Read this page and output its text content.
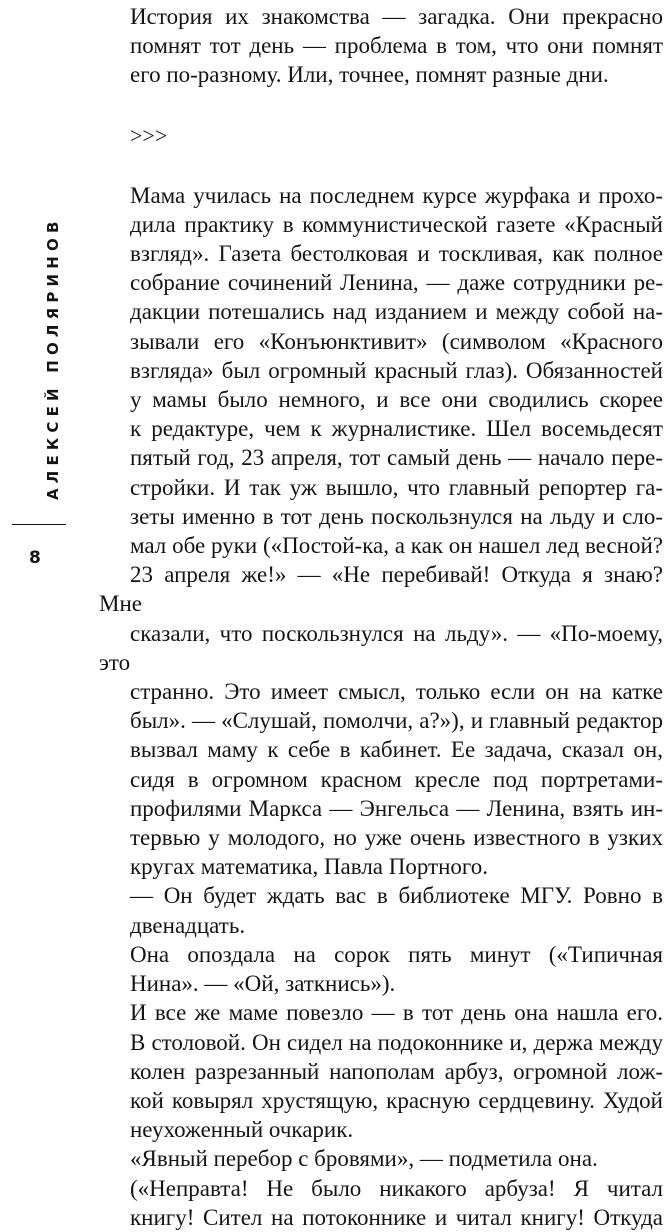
АЛЕКСЕЙ ПОЛЯРИНОВ
8

История их знакомства — загадка. Они прекрасно
помнят тот день — проблема в том, что они помнят
его по-разному. Или, точнее, помнят разные дни.

>>>

Мама училась на последнем курсе журфака и прохо-
дила практику в коммунистической газете «Красный
взгляд». Газета бестолковая и тоскливая, как полное
собрание сочинений Ленина, — даже сотрудники ре-
дакции потешались над изданием и между собой на-
зывали его «Конъюнктивит» (символом «Красного
взгляда» был огромный красный глаз). Обязанностей
у мамы было немного, и все они сводились скорее
к редактуре, чем к журналистике. Шел восемьдесят
пятый год, 23 апреля, тот самый день — начало пере-
стройки. И так уж вышло, что главный репортер га-
зеты именно в тот день поскользнулся на льду и сло-
мал обе руки («Постой-ка, а как он нашел лед весной?
23 апреля же!» — «Не перебивай! Откуда я знаю? Мне
сказали, что поскользнулся на льду». — «По-моему, это
странно. Это имеет смысл, только если он на катке
был». — «Слушай, помолчи, а?»), и главный редактор
вызвал маму к себе в кабинет. Ее задача, сказал он,
сидя в огромном красном кресле под портретами-
профилями Маркса — Энгельса — Ленина, взять ин-
тервью у молодого, но уже очень известного в узких
кругах математика, Павла Портного.

— Он будет ждать вас в библиотеке МГУ. Ровно в
двенадцать.

Она опоздала на сорок пять минут («Типичная
Нина». — «Ой, заткнись»).

И все же маме повезло — в тот день она нашла его.
В столовой. Он сидел на подоконнике и, держа между
колен разрезанный напополам арбуз, огромной лож-
кой ковырял хрустящую, красную сердцевину. Худой
неухоженный очкарик.

«Явный перебор с бровями», — подметила она.

(«Неправта! Не было никакого арбуза! Я читал
книгу! Сител на потоконнике и читал книгу! Откуда
